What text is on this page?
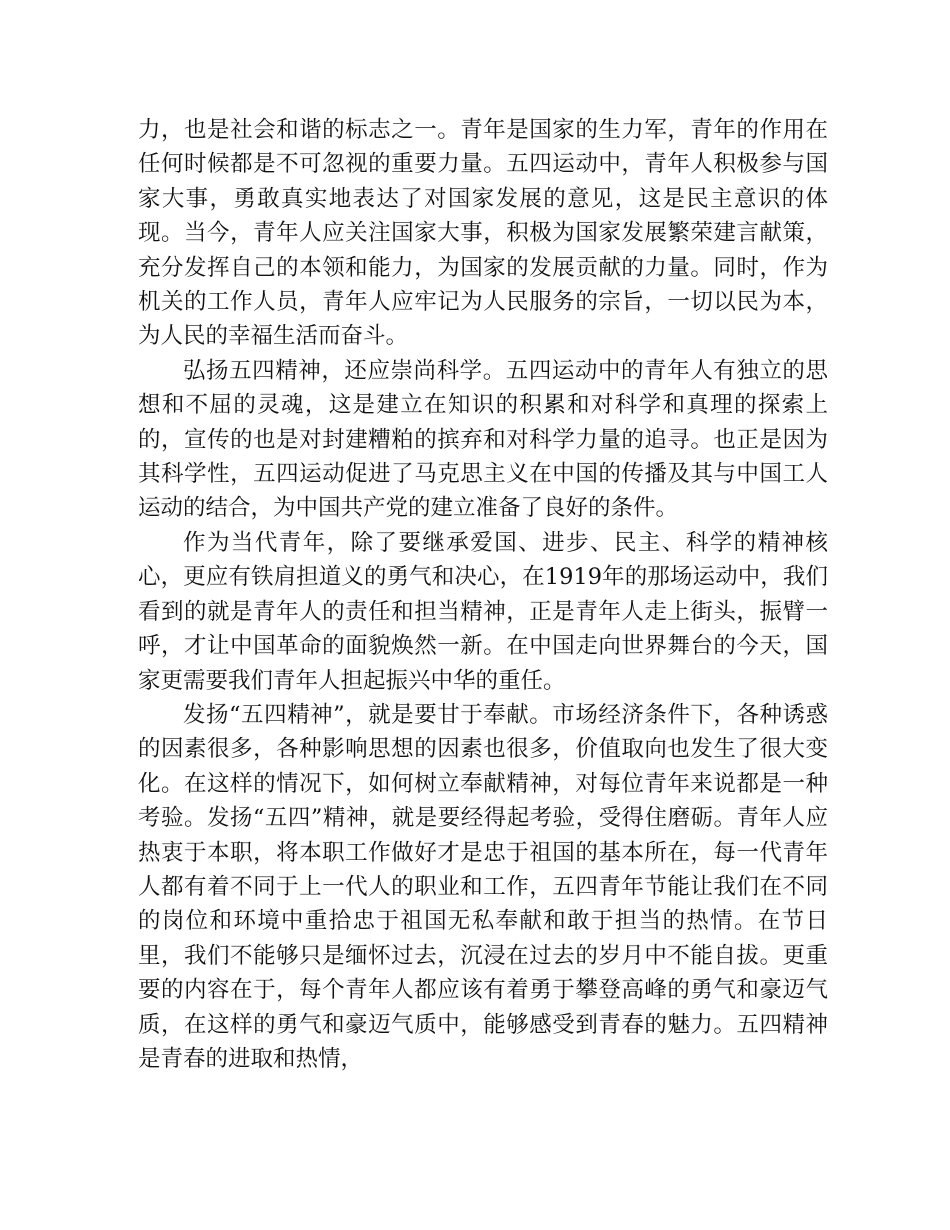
力，也是社会和谐的标志之一。青年是国家的生力军，青年的作用在任何时候都是不可忽视的重要力量。五四运动中，青年人积极参与国家大事，勇敢真实地表达了对国家发展的意见，这是民主意识的体现。当今，青年人应关注国家大事，积极为国家发展繁荣建言献策，充分发挥自己的本领和能力，为国家的发展贡献的力量。同时，作为机关的工作人员，青年人应牢记为人民服务的宗旨，一切以民为本，为人民的幸福生活而奋斗。

弘扬五四精神，还应崇尚科学。五四运动中的青年人有独立的思想和不屈的灵魂，这是建立在知识的积累和对科学和真理的探索上的，宣传的也是对封建糟粕的摈弃和对科学力量的追寻。也正是因为其科学性，五四运动促进了马克思主义在中国的传播及其与中国工人运动的结合，为中国共产党的建立准备了良好的条件。

作为当代青年，除了要继承爱国、进步、民主、科学的精神核心，更应有铁肩担道义的勇气和决心，在1919年的那场运动中，我们看到的就是青年人的责任和担当精神，正是青年人走上街头，振臂一呼，才让中国革命的面貌焕然一新。在中国走向世界舞台的今天，国家更需要我们青年人担起振兴中华的重任。

发扬“五四精神”，就是要甘于奉献。市场经济条件下，各种诱惑的因素很多，各种影响思想的因素也很多，价值取向也发生了很大变化。在这样的情况下，如何树立奉献精神，对每位青年来说都是一种考验。发扬“五四”精神，就是要经得起考验，受得住磨砺。青年人应热衷于本职，将本职工作做好才是忠于祖国的基本所在，每一代青年人都有着不同于上一代人的职业和工作，五四青年节能让我们在不同的岗位和环境中重拾忠于祖国无私奉献和敢于担当的热情。在节日里，我们不能够只是缅怀过去，沉浸在过去的岁月中不能自拔。更重要的内容在于，每个青年人都应该有着勇于攀登高峰的勇气和豪迈气质，在这样的勇气和豪迈气质中，能够感受到青春的魅力。五四精神是青春的进取和热情，
